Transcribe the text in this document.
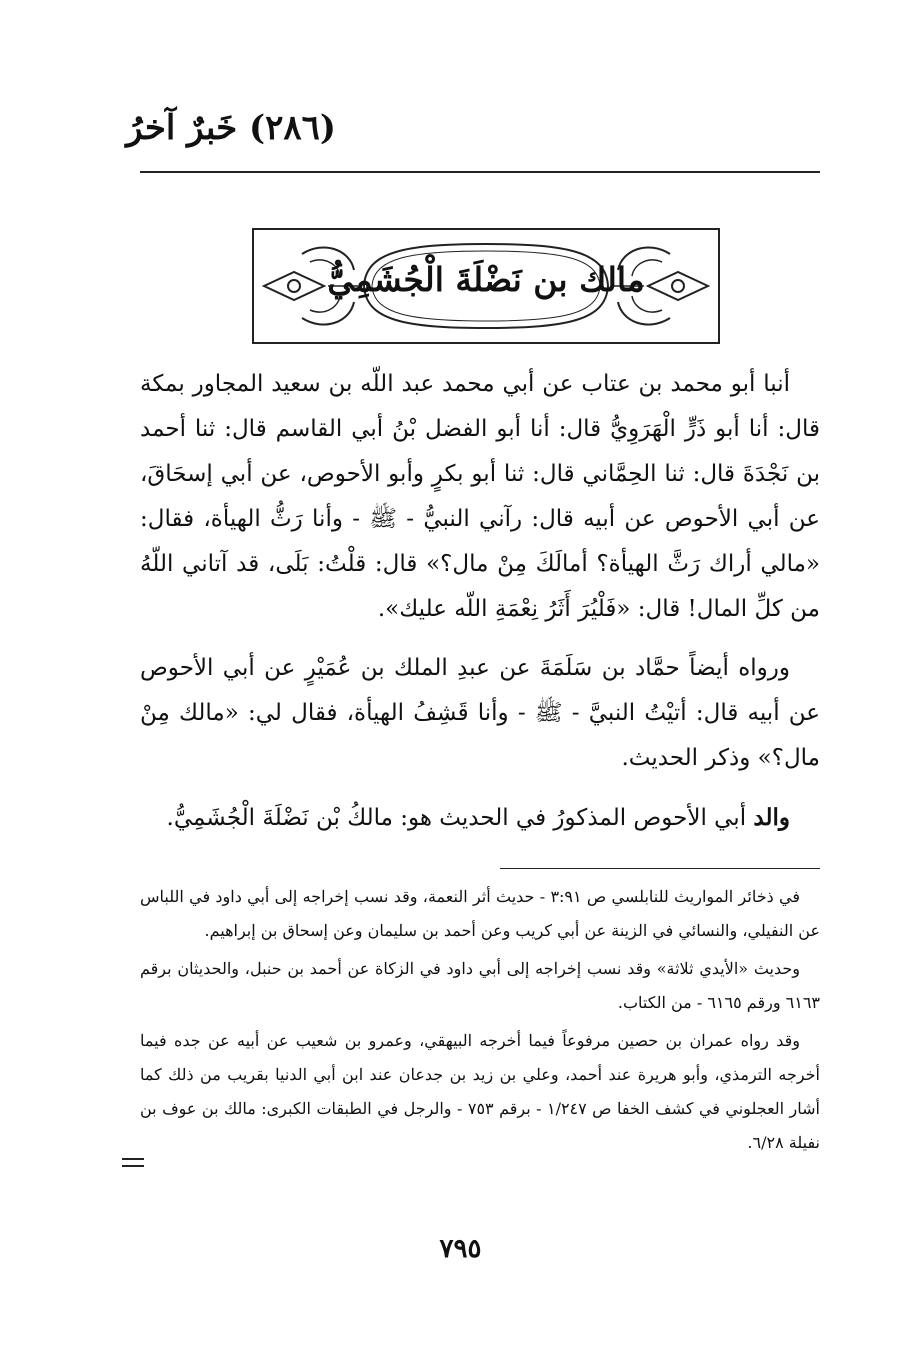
(٢٨٦) خَبرٌ آخرُ
مالك بن نَضْلَةَ الْجُشَمِيُّ

أنبا أبو محمد بن عتاب عن أبي محمد عبد اللّه بن سعيد المجاور بمكة قال: أنا أبو ذَرٍّ الْهَرَوِيُّ قال: أنا أبو الفضل بْنُ أبي القاسم قال: ثنا أحمد بن نَجْدَةَ قال: ثنا الحِمَّاني قال: ثنا أبو بكرٍ وأبو الأحوص، عن أبي إسحَاقَ، عن أبي الأحوص عن أبيه قال: رآني النبيُّ - ﷺ - وأنا رَثُّ الهيأة، فقال: «مالي أراك رَثَّ الهيأة؟ أمالَكَ مِنْ مال؟» قال: قلْتُ: بَلَى، قد آتاني اللّهُ من كلِّ المال! قال: «فَلْيُرَ أَثَرُ نِعْمَةِ اللّه عليك».

ورواه أيضاً حمَّاد بن سَلَمَةَ عن عبدِ الملك بن عُمَيْرٍ عن أبي الأحوص عن أبيه قال: أتيْتُ النبيَّ - ﷺ - وأنا قَشِفُ الهيأة، فقال لي: «مالك مِنْ مال؟» وذكر الحديث.

والد أبي الأحوص المذكورُ في الحديث هو: مالكُ بْن نَضْلَةَ الْجُشَمِيُّ.

في ذخائر المواريث للنابلسي ص ٣:٩١ - حديث أثر النعمة، وقد نسب إخراجه إلى أبي داود في اللباس عن النفيلي، والنسائي في الزينة عن أبي كريب وعن أحمد بن سليمان وعن إسحاق بن إبراهيم.

وحديث «الأيدي ثلاثة» وقد نسب إخراجه إلى أبي داود في الزكاة عن أحمد بن حنبل، والحديثان برقم ٦١٦٣ ورقم ٦١٦٥ - من الكتاب.

وقد رواه عمران بن حصين مرفوعاً فيما أخرجه البيهقي، وعمرو بن شعيب عن أبيه عن جده فيما أخرجه الترمذي، وأبو هريرة عند أحمد، وعلي بن زيد بن جدعان عند ابن أبي الدنيا بقريب من ذلك كما أشار العجلوني في كشف الخفا ص ١/٢٤٧ - برقم ٧٥٣ - والرجل في الطبقات الكبرى: مالك بن عوف بن نفيلة ٦/٢٨.

٧٩٥
